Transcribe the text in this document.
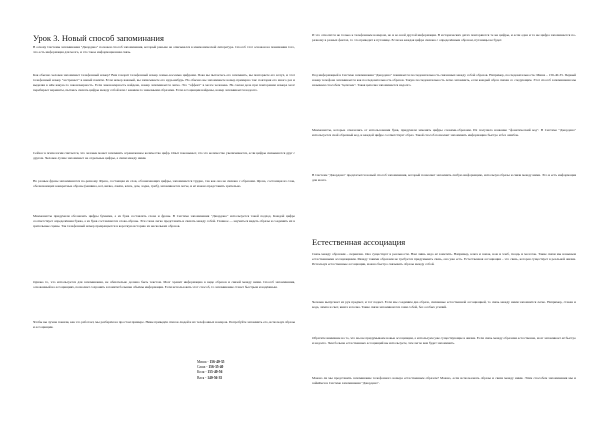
Урок 3. Новый способ запоминания

В основу Системы запоминания "Джордано" положен способ запоминания, который раньше не описывался в мнемонической литературе. Способ этот основан на понимании того, что есть информация для мозга, и что такое информационная связь.

Как обычно человек запоминает телефонный номер? Вам говорят телефонный номер семью-восемью цифрами. Пока вы пытаетесь его запомнить, вы повторяете его вслух, и этот телефонный номер "застревает" в вашей памяти. Если номер важный, вы записываете его куда-нибудь. Но обычно вы запоминаете номер примерно так: повторяя его много раз и выделяя в нём какую-то закономерность. Если закономерность найдена, номер запоминается легко. Это "эффект" в мозге человека. На самом деле при повторении номера мозг перебирает варианты, пытаясь связать цифры между собой или с какими-то знакомыми образами. Если ассоциации найдены, номер запоминается надолго.

Сейчас в психологии считается, что человек может запомнить ограниченное количество цифр. Опыт показывает, что это количество увеличивается, если цифры связываются друг с другом. Человек лучше запоминает не отдельные цифры, а связи между ними.

Но разные фразы запоминаются по-разному. Фраза, состоящая из слов, обозначающих цифры, запоминается трудно, так как она не связана с образами. Фраза, состоящая из слов, обозначающих конкретные образы (машина, кот, вилка, лампа, ключ, дом, лодка, гриб), запоминается легче, и её можно представить зрительно.

Мнемонисты придумали обозначать цифры буквами, а из букв составлять слова и фразы. В Системе запоминания "Джордано" используется такой подход. Каждой цифре соответствует определённая буква, а из букв составляются слова-образы. Эти слова легко представить и связать между собой. Главное — научиться видеть образы и соединять их в зрительные сцены. Так телефонный номер превращается в короткую историю из нескольких образов.

Однако то, что используется для запоминания, не обязательно должно быть текстом. Мозг хранит информацию в виде образов и связей между ними. Способ запоминания, основанный на ассоциациях, позволяет сохранять в памяти большие объёмы информации. Если использовать этот способ, то запоминание станет быстрым и надёжным.

Чтобы вы лучше поняли, как это работает, мы разберём на простом примере. Ниже приведён список людей и их телефонных номеров. Попробуйте запомнить его, используя образы и ассоциации.

Миша - 156-40-35
Саша - 156-35-40
Коля - 155-40-56
Вася - 140-56-35

И это относится не только к телефонным номерам, но и ко всей другой информации. В исторических датах повторяются те же цифры, и если одна и та же цифра запоминается по-разному в разных фактах, то это приводит к путанице. Если же каждая цифра связана с определённым образом, путаницы не будет.

Под информацией в Системе запоминания "Джордано" понимается последовательность связанных между собой образов. Например, последовательность: Миша – 156-40-35. Первый номер телефона запоминается как последовательность образов. Такую последовательность легко запомнить, если каждый образ связан со следующим. Этот способ запоминания мы называем способом "цепочек". Такая цепочка запоминается надолго.

Мнемонисты, которые отказались от использования букв, придумали заменять цифры словами-образами. Их получила название "фонетический код". В Системе "Джордано" используется свой образный код, и каждой цифре соответствует образ. Такой способ позволяет запоминать информацию быстро и без ошибок.

В Системе "Джордано" предлагается новый способ запоминания, который позволяет запомнить любую информацию, используя образы и связи между ними. Это и есть информация для мозга.

Естественная ассоциация

Связь между образами – первична. Она существует в реальности. Нам лишь надо её заметить. Например, ключ и замок, нож и хлеб, гвоздь и молоток. Такие связи мы называем естественными ассоциациями. Между такими образами не требуется придумывать связь, она уже есть. Естественная ассоциация – это связь, которая существует в реальной жизни. Используя естественные ассоциации, можно быстро связывать образы между собой.

Человек выпускает из рук предмет, и тот падает. Если мы соединим два образа, связанные естественной ассоциацией, то связь между ними запомнится легко. Например, стакан и вода, лампа и свет, книга и полка. Такие связи запоминаются сами собой, без особых усилий.

Обратите внимание на то, что мы не придумываем новые ассоциации, а используем уже существующие в жизни. Если связь между образами естественна, мозг запоминает её быстро и надолго. Чем больше естественных ассоциаций вы используете, тем легче вам будет запоминать.

Можно ли мы представить запоминание телефонного номера естественным образом? Можно, если использовать образы и связи между ними. Этим способом запоминания мы и займёмся в Системе запоминания "Джордано".
